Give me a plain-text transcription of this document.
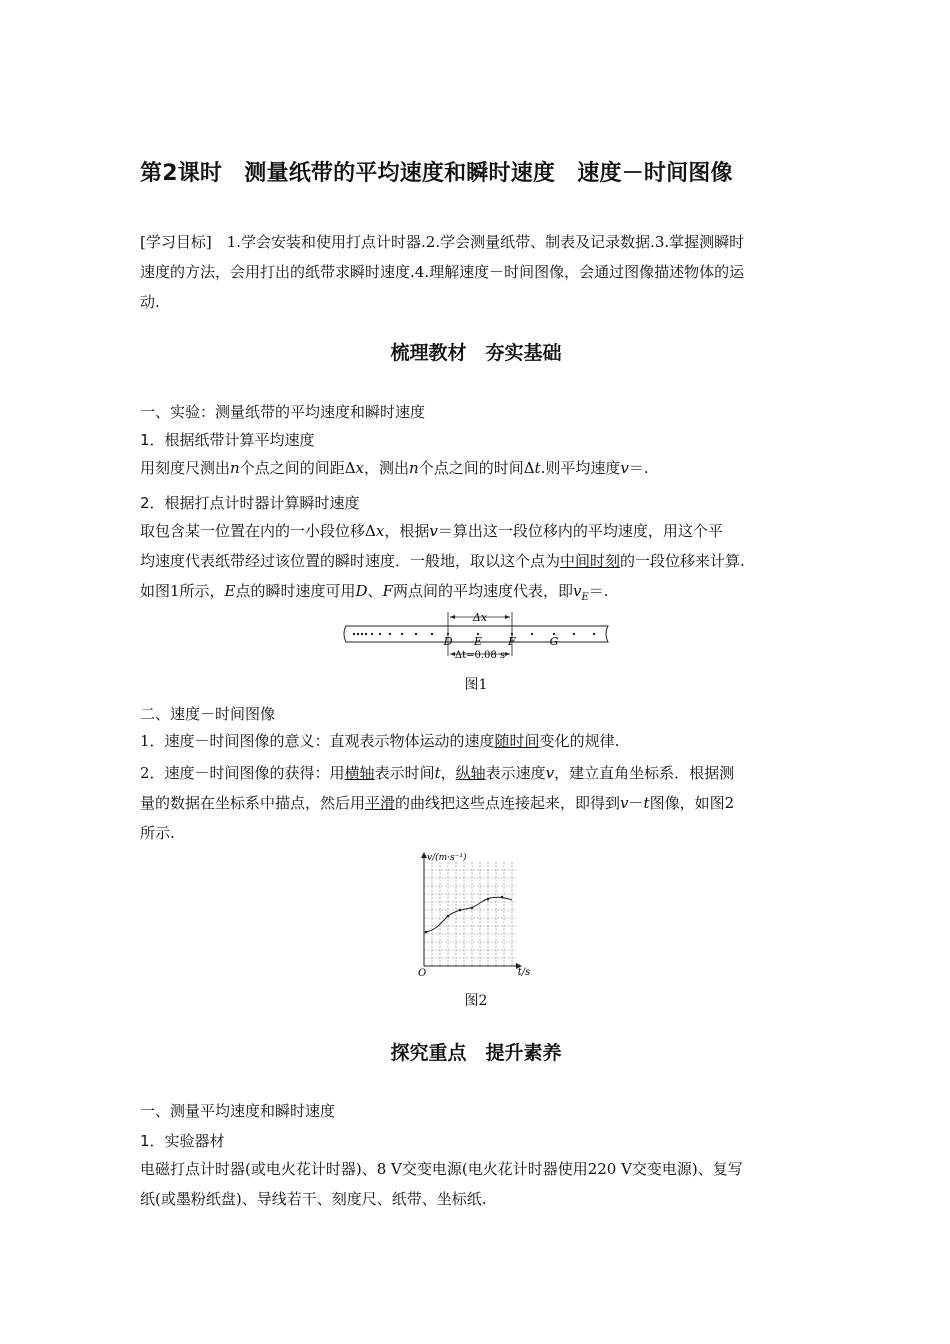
第2课时　测量纸带的平均速度和瞬时速度　速度－时间图像
[学习目标]　1.学会安装和使用打点计时器.2.学会测量纸带、制表及记录数据.3.掌握测瞬时
速度的方法，会用打出的纸带求瞬时速度.4.理解速度－时间图像，会通过图像描述物体的运
动.
梳理教材　夯实基础
一、实验：测量纸带的平均速度和瞬时速度
1．根据纸带计算平均速度
用刻度尺测出n个点之间的间距Δx，测出n个点之间的时间Δt.则平均速度v＝.
2．根据打点计时器计算瞬时速度
取包含某一位置在内的一小段位移Δx，根据v＝算出这一段位移内的平均速度，用这个平
均速度代表纸带经过该位置的瞬时速度．一般地，取以这个点为中间时刻的一段位移来计算.
如图1所示，E点的瞬时速度可用D、F两点间的平均速度代表，即$v_E=$.
Δx
Δt=0.08 s
D E F	G
图1
二、速度－时间图像
1．速度－时间图像的意义：直观表示物体运动的速度随时间变化的规律.
2．速度－时间图像的获得：用横轴表示时间t，纵轴表示速度v，建立直角坐标系．根据测
量的数据在坐标系中描点，然后用平滑的曲线把这些点连接起来，即得到v－t图像，如图2
所示.
v/(m·s⁻¹)
t/s
O
图2
探究重点　提升素养
一、测量平均速度和瞬时速度
1．实验器材
电磁打点计时器(或电火花计时器)、8 V交变电源(电火花计时器使用220 V交变电源)、复写
纸(或墨粉纸盘)、导线若干、刻度尺、纸带、坐标纸.
